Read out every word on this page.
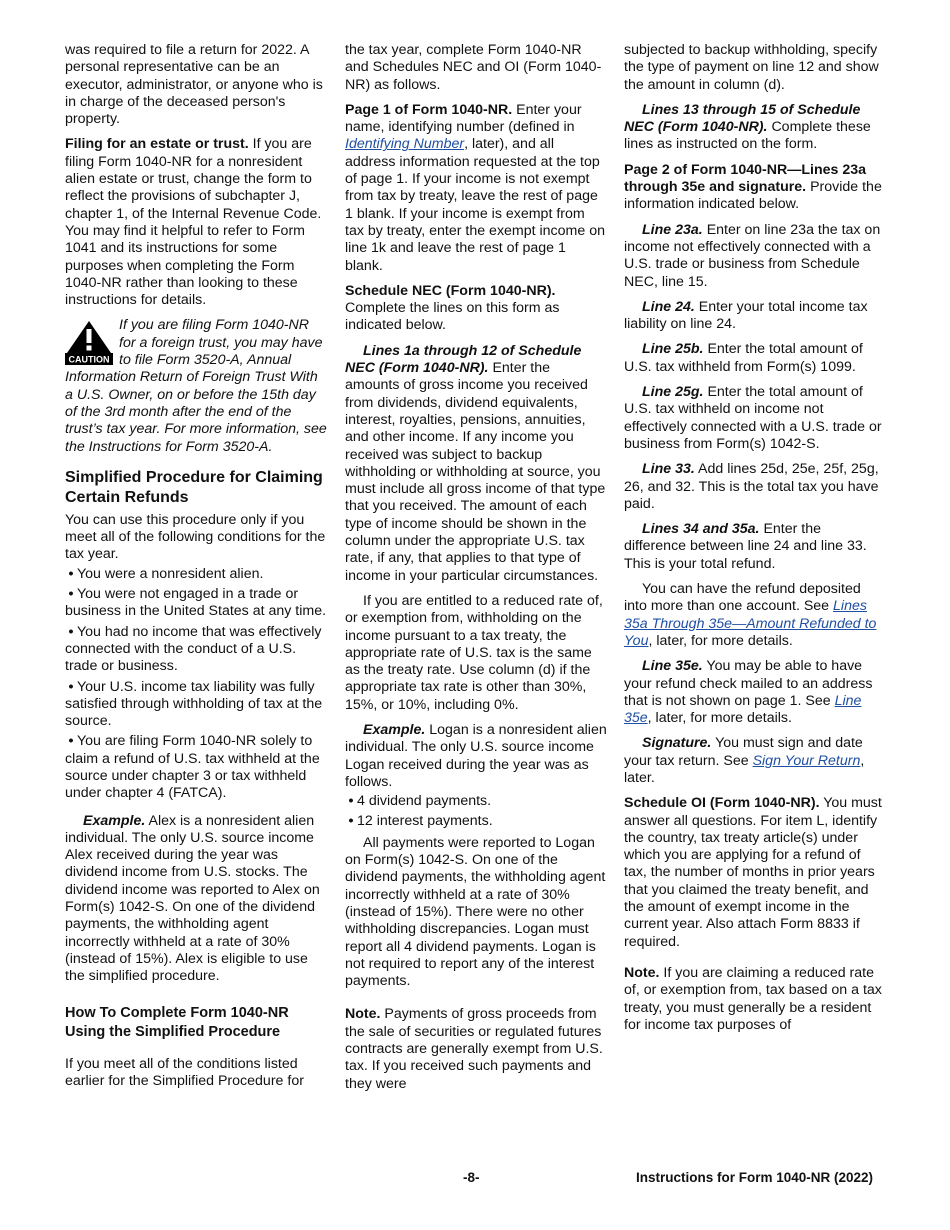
was required to file a return for 2022. A personal representative can be an executor, administrator, or anyone who is in charge of the deceased person's property.

Filing for an estate or trust. If you are filing Form 1040-NR for a nonresident alien estate or trust, change the form to reflect the provisions of subchapter J, chapter 1, of the Internal Revenue Code. You may find it helpful to refer to Form 1041 and its instructions for some purposes when completing the Form 1040-NR rather than looking to these instructions for details.

CAUTION

If you are filing Form 1040-NR for a foreign trust, you may have to file Form 3520-A, Annual Information Return of Foreign Trust With a U.S. Owner, on or before the 15th day of the 3rd month after the end of the trust’s tax year. For more information, see the Instructions for Form 3520-A.

Simplified Procedure for Claiming Certain Refunds

You can use this procedure only if you meet all of the following conditions for the tax year.

• You were a nonresident alien.
• You were not engaged in a trade or business in the United States at any time.
• You had no income that was effectively connected with the conduct of a U.S. trade or business.
• Your U.S. income tax liability was fully satisfied through withholding of tax at the source.
• You are filing Form 1040-NR solely to claim a refund of U.S. tax withheld at the source under chapter 3 or tax withheld under chapter 4 (FATCA).

Example. Alex is a nonresident alien individual. The only U.S. source income Alex received during the year was dividend income from U.S. stocks. The dividend income was reported to Alex on Form(s) 1042-S. On one of the dividend payments, the withholding agent incorrectly withheld at a rate of 30% (instead of 15%). Alex is eligible to use the simplified procedure.

How To Complete Form 1040-NR Using the Simplified Procedure

If you meet all of the conditions listed earlier for the Simplified Procedure for

the tax year, complete Form 1040-NR and Schedules NEC and OI (Form 1040-NR) as follows.

Page 1 of Form 1040-NR. Enter your name, identifying number (defined in Identifying Number, later), and all address information requested at the top of page 1. If your income is not exempt from tax by treaty, leave the rest of page 1 blank. If your income is exempt from tax by treaty, enter the exempt income on line 1k and leave the rest of page 1 blank.

Schedule NEC (Form 1040-NR). Complete the lines on this form as indicated below.

Lines 1a through 12 of Schedule NEC (Form 1040-NR). Enter the amounts of gross income you received from dividends, dividend equivalents, interest, royalties, pensions, annuities, and other income. If any income you received was subject to backup withholding or withholding at source, you must include all gross income of that type that you received. The amount of each type of income should be shown in the column under the appropriate U.S. tax rate, if any, that applies to that type of income in your particular circumstances.

If you are entitled to a reduced rate of, or exemption from, withholding on the income pursuant to a tax treaty, the appropriate rate of U.S. tax is the same as the treaty rate. Use column (d) if the appropriate tax rate is other than 30%, 15%, or 10%, including 0%.

Example. Logan is a nonresident alien individual. The only U.S. source income Logan received during the year was as follows.

• 4 dividend payments.
• 12 interest payments.

All payments were reported to Logan on Form(s) 1042-S. On one of the dividend payments, the withholding agent incorrectly withheld at a rate of 30% (instead of 15%). There were no other withholding discrepancies. Logan must report all 4 dividend payments. Logan is not required to report any of the interest payments.

Note. Payments of gross proceeds from the sale of securities or regulated futures contracts are generally exempt from U.S. tax. If you received such payments and they were

subjected to backup withholding, specify the type of payment on line 12 and show the amount in column (d).

Lines 13 through 15 of Schedule NEC (Form 1040-NR). Complete these lines as instructed on the form.

Page 2 of Form 1040-NR—Lines 23a through 35e and signature. Provide the information indicated below.

Line 23a. Enter on line 23a the tax on income not effectively connected with a U.S. trade or business from Schedule NEC, line 15.

Line 24. Enter your total income tax liability on line 24.

Line 25b. Enter the total amount of U.S. tax withheld from Form(s) 1099.

Line 25g. Enter the total amount of U.S. tax withheld on income not effectively connected with a U.S. trade or business from Form(s) 1042-S.

Line 33. Add lines 25d, 25e, 25f, 25g, 26, and 32. This is the total tax you have paid.

Lines 34 and 35a. Enter the difference between line 24 and line 33. This is your total refund.

You can have the refund deposited into more than one account. See Lines 35a Through 35e—Amount Refunded to You, later, for more details.

Line 35e. You may be able to have your refund check mailed to an address that is not shown on page 1. See Line 35e, later, for more details.

Signature. You must sign and date your tax return. See Sign Your Return, later.

Schedule OI (Form 1040-NR). You must answer all questions. For item L, identify the country, tax treaty article(s) under which you are applying for a refund of tax, the number of months in prior years that you claimed the treaty benefit, and the amount of exempt income in the current year. Also attach Form 8833 if required.

Note. If you are claiming a reduced rate of, or exemption from, tax based on a tax treaty, you must generally be a resident for income tax purposes of

-8-	Instructions for Form 1040-NR (2022)
